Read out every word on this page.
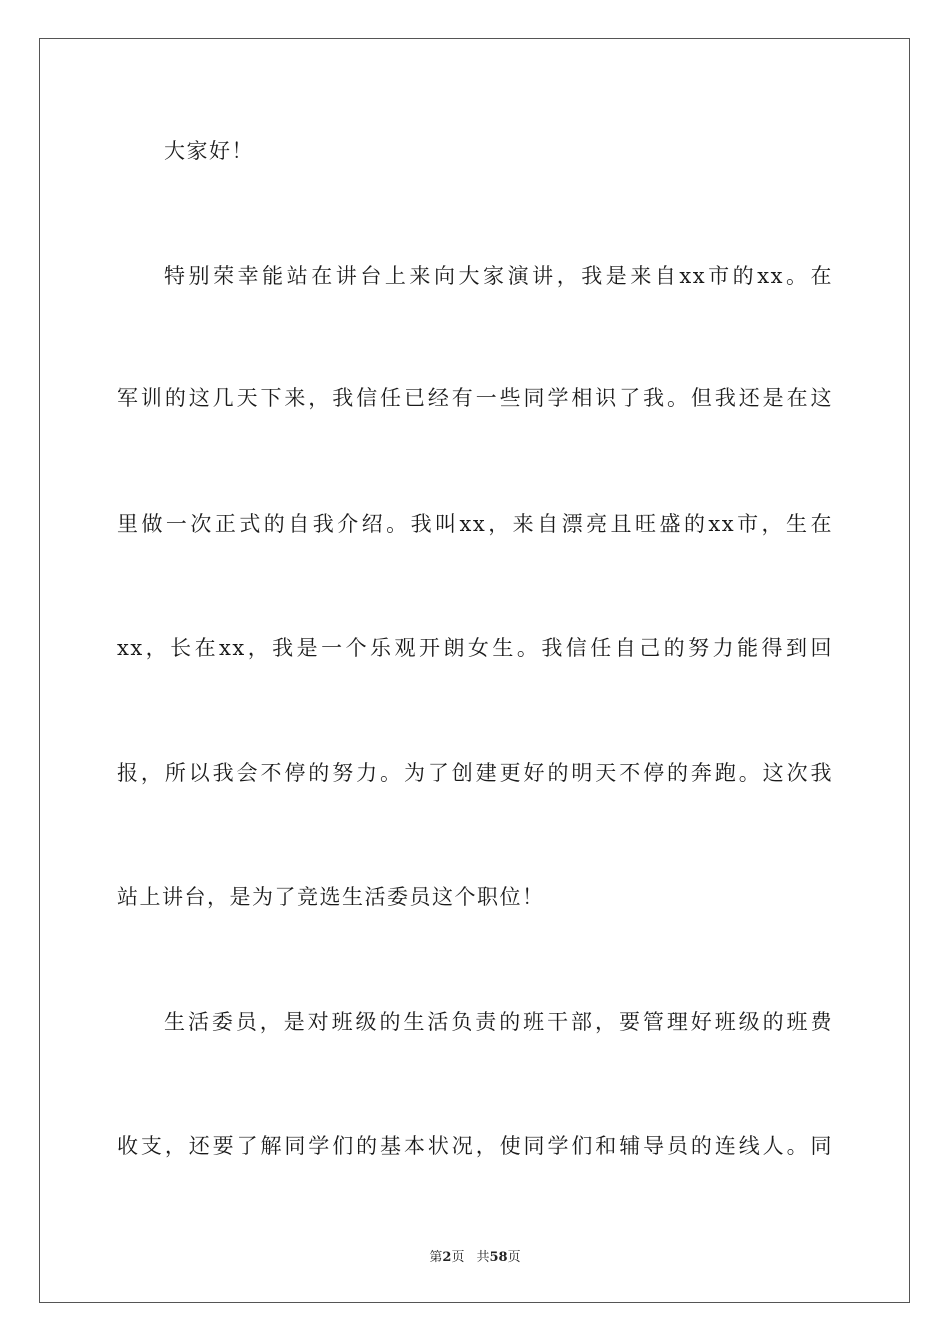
大家好！
特别荣幸能站在讲台上来向大家演讲，我是来自xx市的xx。在
军训的这几天下来，我信任已经有一些同学相识了我。但我还是在这
里做一次正式的自我介绍。我叫xx，来自漂亮且旺盛的xx市，生在
xx，长在xx，我是一个乐观开朗女生。我信任自己的努力能得到回
报，所以我会不停的努力。为了创建更好的明天不停的奔跑。这次我
站上讲台，是为了竞选生活委员这个职位！
生活委员，是对班级的生活负责的班干部，要管理好班级的班费
收支，还要了解同学们的基本状况，使同学们和辅导员的连线人。同
第2页 共58页
